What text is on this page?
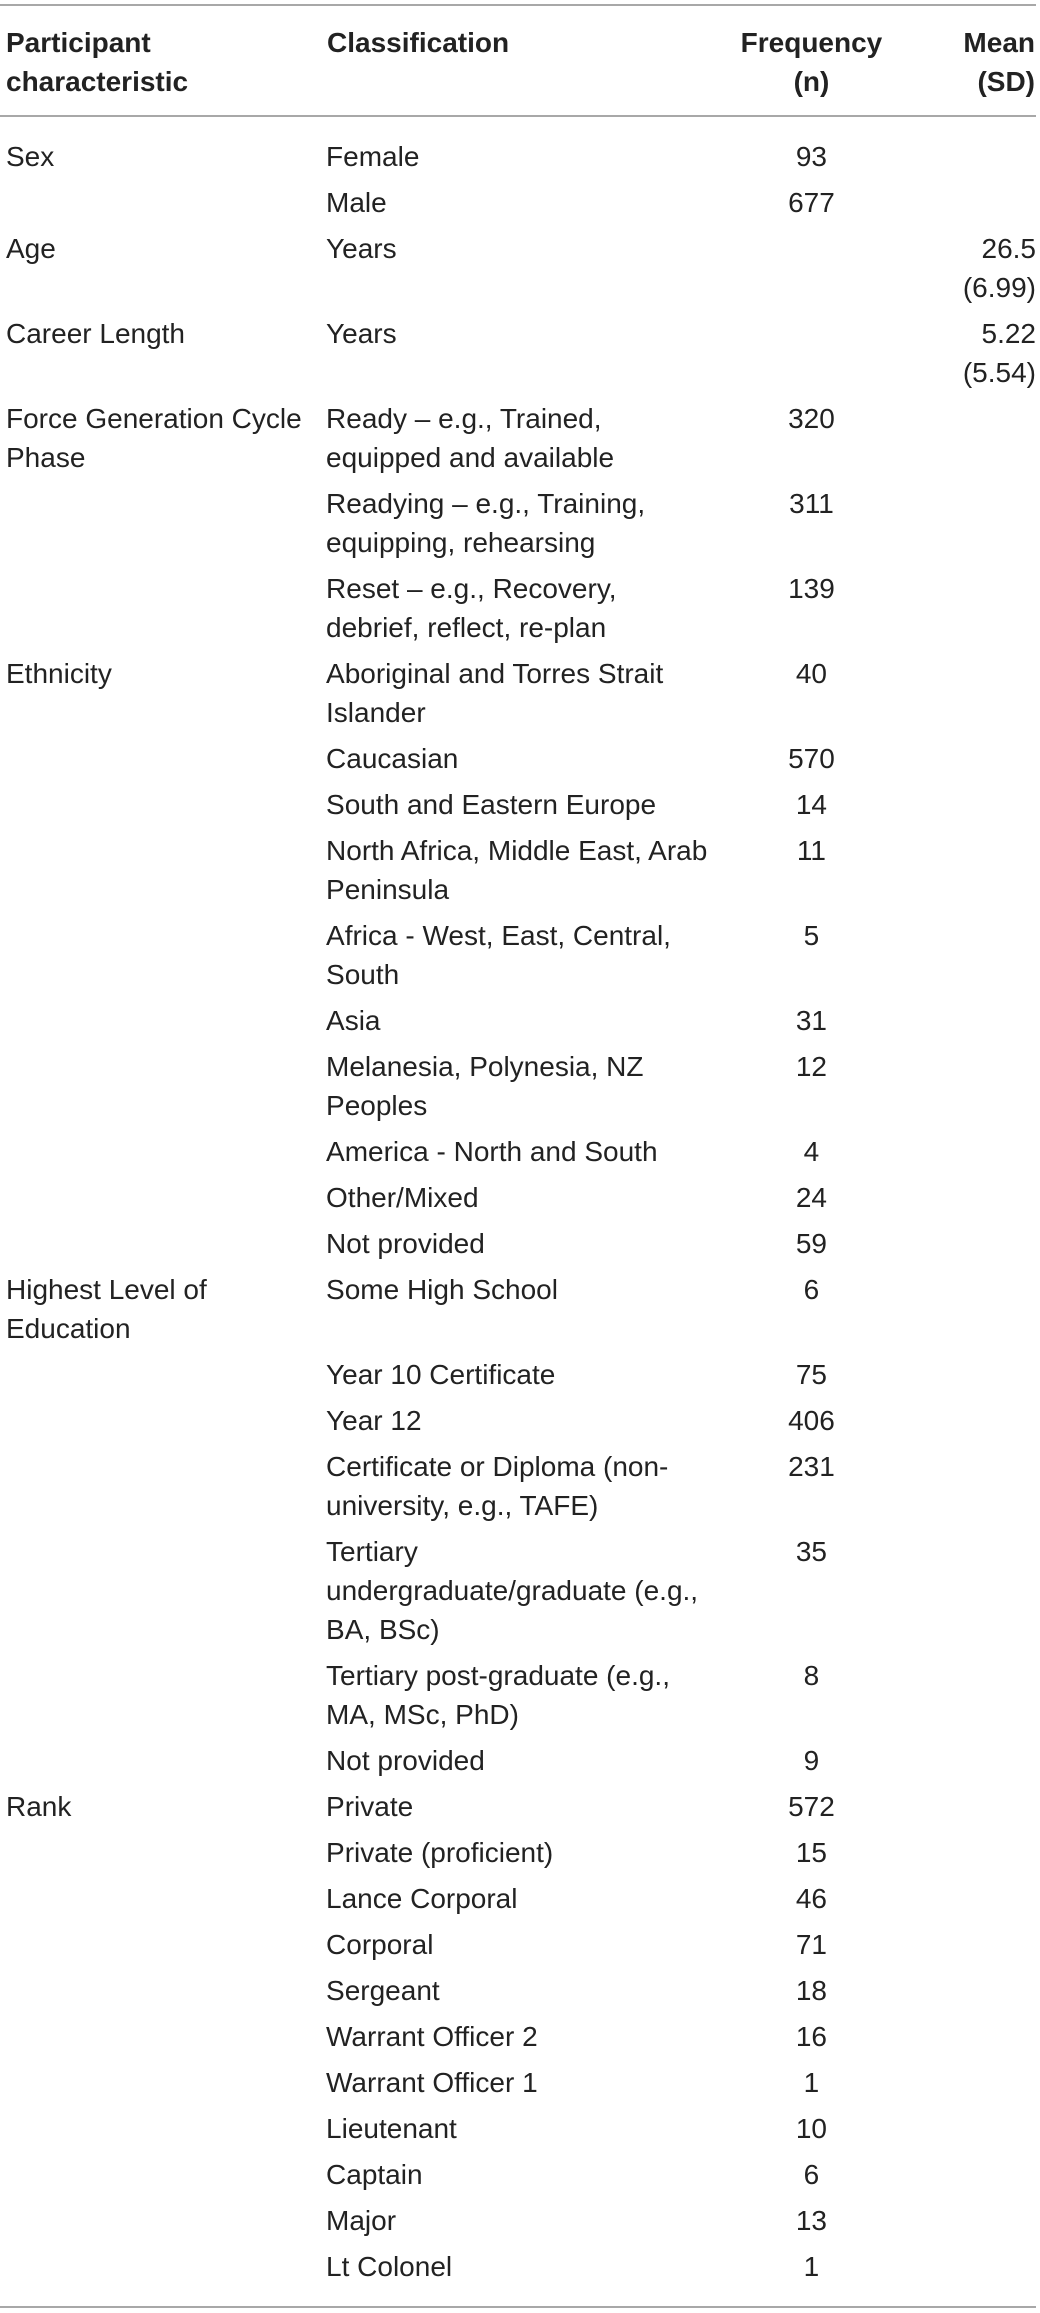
Participant characteristic	Classification	Frequency (n)	Mean (SD)
Sex	Female	93	
	Male	677	
Age	Years		26.5 (6.99)
Career Length	Years		5.22 (5.54)
Force Generation Cycle Phase	Ready – e.g., Trained, equipped and available	320	
	Readying – e.g., Training, equipping, rehearsing	311	
	Reset – e.g., Recovery, debrief, reflect, re-plan	139	
Ethnicity	Aboriginal and Torres Strait Islander	40	
	Caucasian	570	
	South and Eastern Europe	14	
	North Africa, Middle East, Arab Peninsula	11	
	Africa - West, East, Central, South	5	
	Asia	31	
	Melanesia, Polynesia, NZ Peoples	12	
	America - North and South	4	
	Other/Mixed	24	
	Not provided	59	
Highest Level of Education	Some High School	6	
	Year 10 Certificate	75	
	Year 12	406	
	Certificate or Diploma (non-university, e.g., TAFE)	231	
	Tertiary undergraduate/graduate (e.g., BA, BSc)	35	
	Tertiary post-graduate (e.g., MA, MSc, PhD)	8	
	Not provided	9	
Rank	Private	572	
	Private (proficient)	15	
	Lance Corporal	46	
	Corporal	71	
	Sergeant	18	
	Warrant Officer 2	16	
	Warrant Officer 1	1	
	Lieutenant	10	
	Captain	6	
	Major	13	
	Lt Colonel	1	
